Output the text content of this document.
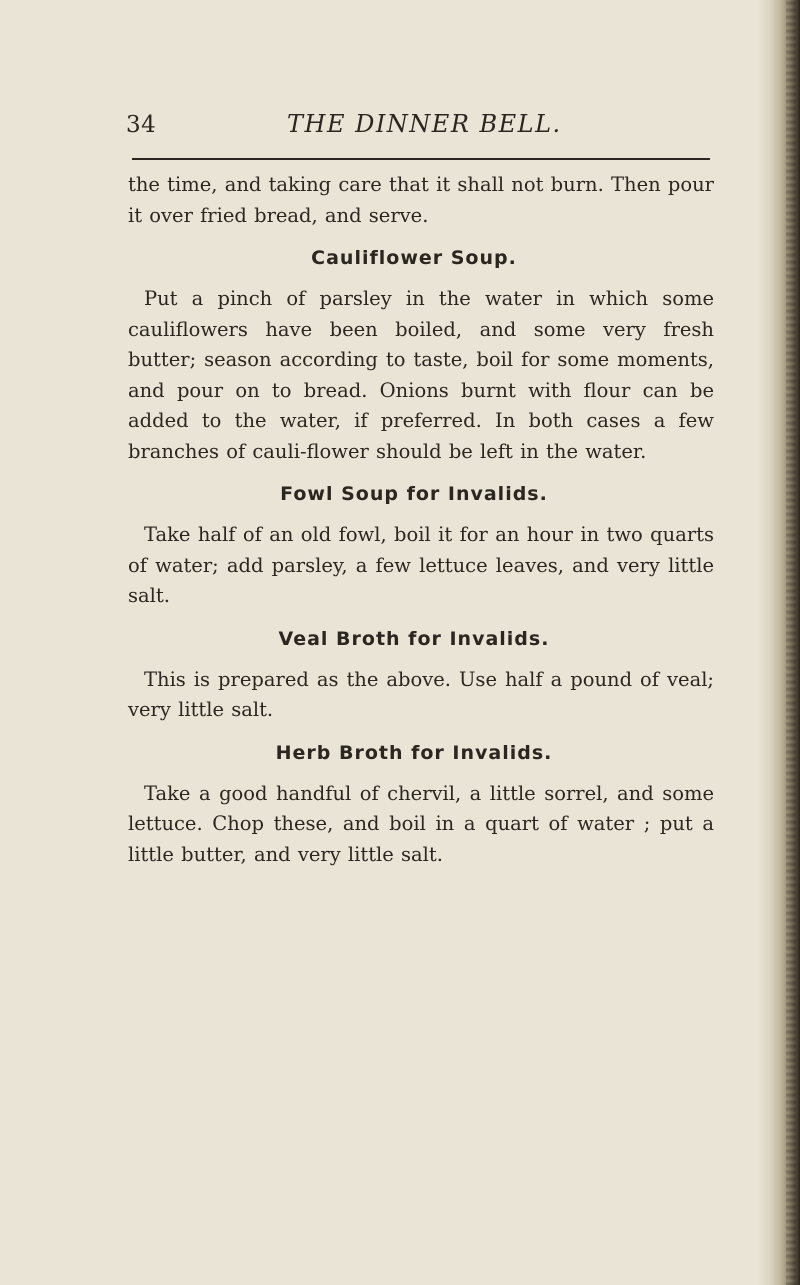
34	THE DINNER BELL.

the time, and taking care that it shall not burn. Then pour it over fried bread, and serve.

Cauliflower Soup.

Put a pinch of parsley in the water in which some cauliflowers have been boiled, and some very fresh butter; season according to taste, boil for some moments, and pour on to bread. Onions burnt with flour can be added to the water, if preferred. In both cases a few branches of cauli-flower should be left in the water.

Fowl Soup for Invalids.

Take half of an old fowl, boil it for an hour in two quarts of water; add parsley, a few lettuce leaves, and very little salt.

Veal Broth for Invalids.

This is prepared as the above. Use half a pound of veal; very little salt.

Herb Broth for Invalids.

Take a good handful of chervil, a little sorrel, and some lettuce. Chop these, and boil in a quart of water ; put a little butter, and very little salt.
